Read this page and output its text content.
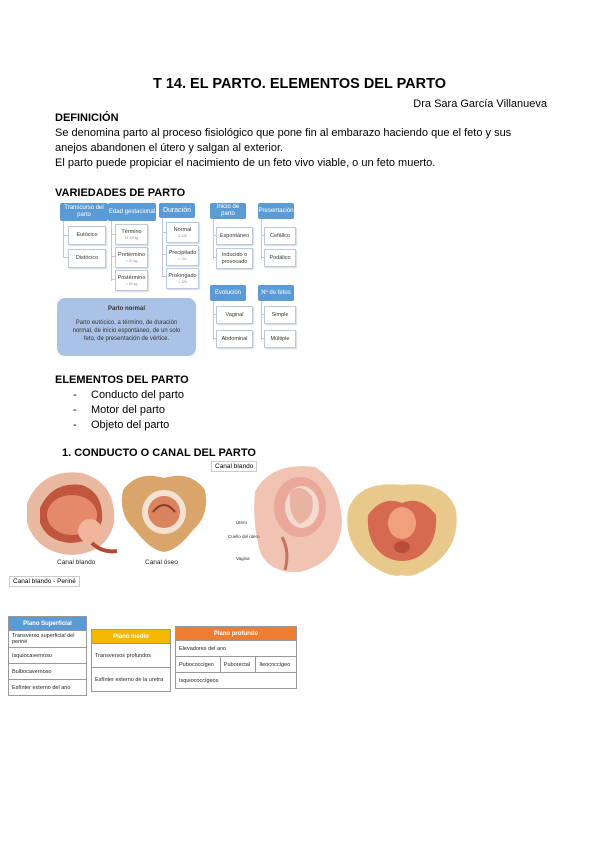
T 14. EL PARTO. ELEMENTOS DEL PARTO
Dra Sara García Villanueva
DEFINICIÓN
Se denomina parto al proceso fisiológico que pone fin al embarazo haciendo que el feto y sus
anejos abandonen el útero y salgan al exterior.
El parto puede propiciar el nacimiento de un feto vivo viable, o un feto muerto.
VARIEDADES DE PARTO
Transcurso del parto
Eutócico
Distócico
Edad gestacional
Término
37-42 sg
Pretérmino
< 37 sg
Postérmino
> 42 sg
Duración
Normal
3-12h
Precipitado
< 3 h
Prolongado
> 12h
Inicio de parto
Espontáneo
Inducido o provocado
Presentación
Cefálico
Podálico
Evolución
Vaginal
Abdominal
Nº de fetos
Simple
Múltiple
Parto normal
Parto eutócico, a término, de duración
normal, de inicio espontáneo, de un solo
feto, de presentación de vértice.
ELEMENTOS DEL PARTO
- Conducto del parto
- Motor del parto
- Objeto del parto
1. CONDUCTO O CANAL DEL PARTO
Canal blando
Canal blando	Canal óseo
Útero
Cuello del útero
Vagina
Canal blando - Periné
Plano Superficial
Transverso superficial del periné
Isquiocavernoso
Bulbocavernoso
Esfínter externo del ano
Plano medio
Transversos profundos
Esfínter externo de la uretra
Plano profundo
Elevadores del ano
Pubococcígeo	Puborectal	Ileococcígeo
Isquiococcígeos
